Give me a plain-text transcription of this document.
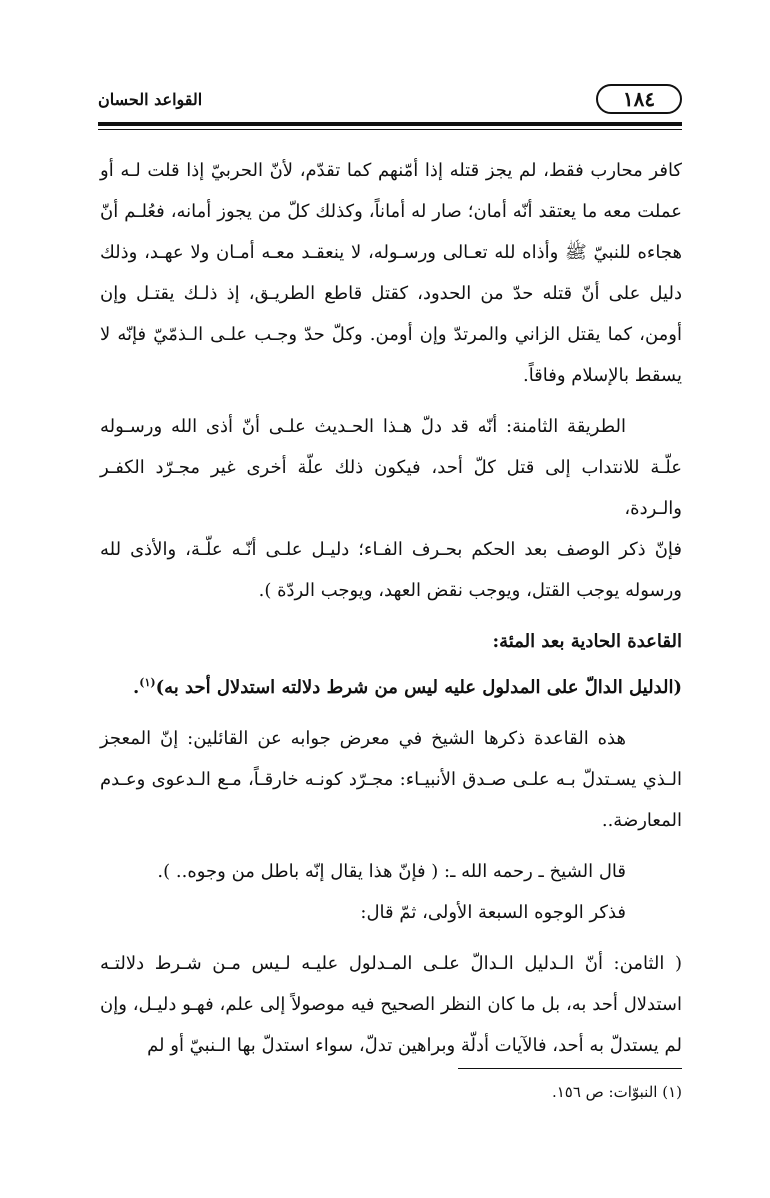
١٨٤
القواعد الحسان

كافر محارب فقط، لم يجز قتله إذا أمّنهم كما تقدّم، لأنّ الحربيّ إذا قلت لـه أو عملت معه ما يعتقد أنّه أمان؛ صار له أماناً، وكذلك كلّ من يجوز أمانه، فعُلـم أنّ هجاءه للنبيّ ﷺ وأذاه لله تعـالى ورسـوله، لا ينعقـد معـه أمـان ولا عهـد، وذلك دليل على أنّ قتله حدّ من الحدود، كقتل قاطع الطريـق، إذ ذلـك يقتـل وإن أومن، كما يقتل الزاني والمرتدّ وإن أومن. وكلّ حدّ وجـب علـى الـذمّيّ فإنّه لا يسقط بالإسلام وفاقاً.

الطريقة الثامنة: أنّه قد دلّ هـذا الحـديث علـى أنّ أذى الله ورسـوله علّـة للانتداب إلى قتل كلّ أحد، فيكون ذلك علّة أخرى غير مجـرّد الكفـر والـردة،

فإنّ ذكر الوصف بعد الحكم بحـرف الفـاء؛ دليـل علـى أنّـه علّـة، والأذى لله ورسوله يوجب القتل، ويوجب نقض العهد، ويوجب الردّة ).

القاعدة الحادية بعد المئة:

(الدليل الدالّ على المدلول عليه ليس من شرط دلالته استدلال أحد به)$^{(١)}$.

هذه القاعدة ذكرها الشيخ في معرض جوابه عن القائلين: إنّ المعجز الـذي يسـتدلّ بـه علـى صـدق الأنبيـاء: مجـرّد كونـه خارقـاً، مـع الـدعوى وعـدم المعارضة..

قال الشيخ ـ رحمه الله ـ: ( فإنّ هذا يقال إنّه باطل من وجوه.. ).

فذكر الوجوه السبعة الأولى، ثمّ قال:

( الثامن: أنّ الـدليل الـدالّ علـى المـدلول عليـه لـيس مـن شـرط دلالتـه استدلال أحد به، بل ما كان النظر الصحيح فيه موصولاً إلى علم، فهـو دليـل، وإن لم يستدلّ به أحد، فالآيات أدلّة وبراهين تدلّ، سواء استدلّ بها الـنبيّ أو لم

(١) النبوّات: ص ١٥٦.
